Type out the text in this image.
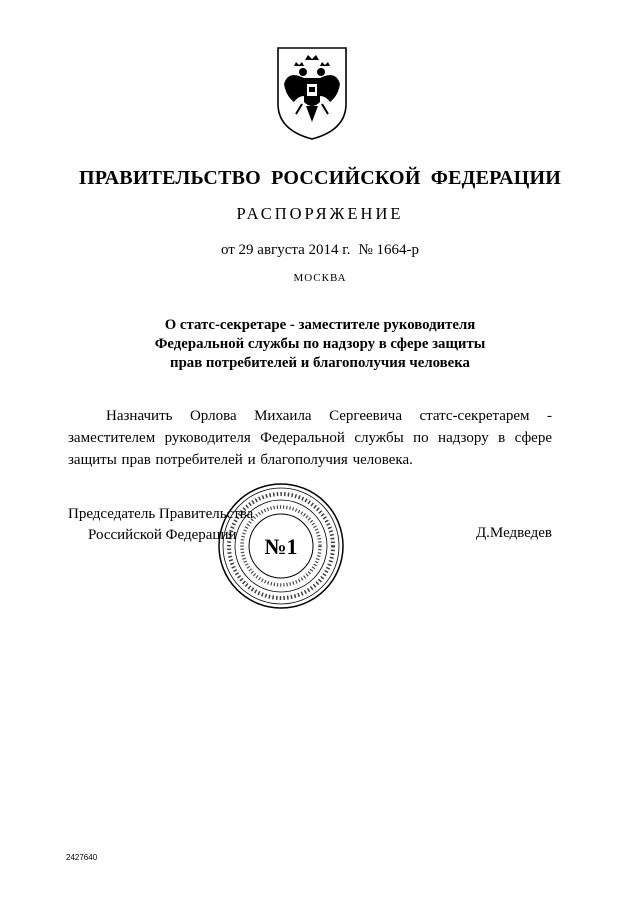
ПРАВИТЕЛЬСТВО РОССИЙСКОЙ ФЕДЕРАЦИИ
РАСПОРЯЖЕНИЕ
от 29 августа 2014 г. № 1664-р
МОСКВА
О статс-секретаре - заместителе руководителя
Федеральной службы по надзору в сфере защиты
прав потребителей и благополучия человека
Назначить Орлова Михаила Сергеевича статс-секретарем - заместителем руководителя Федеральной службы по надзору в сфере защиты прав потребителей и благополучия человека.
Председатель Правительства
Российской Федерации	№1
Д.Медведев
2427640
